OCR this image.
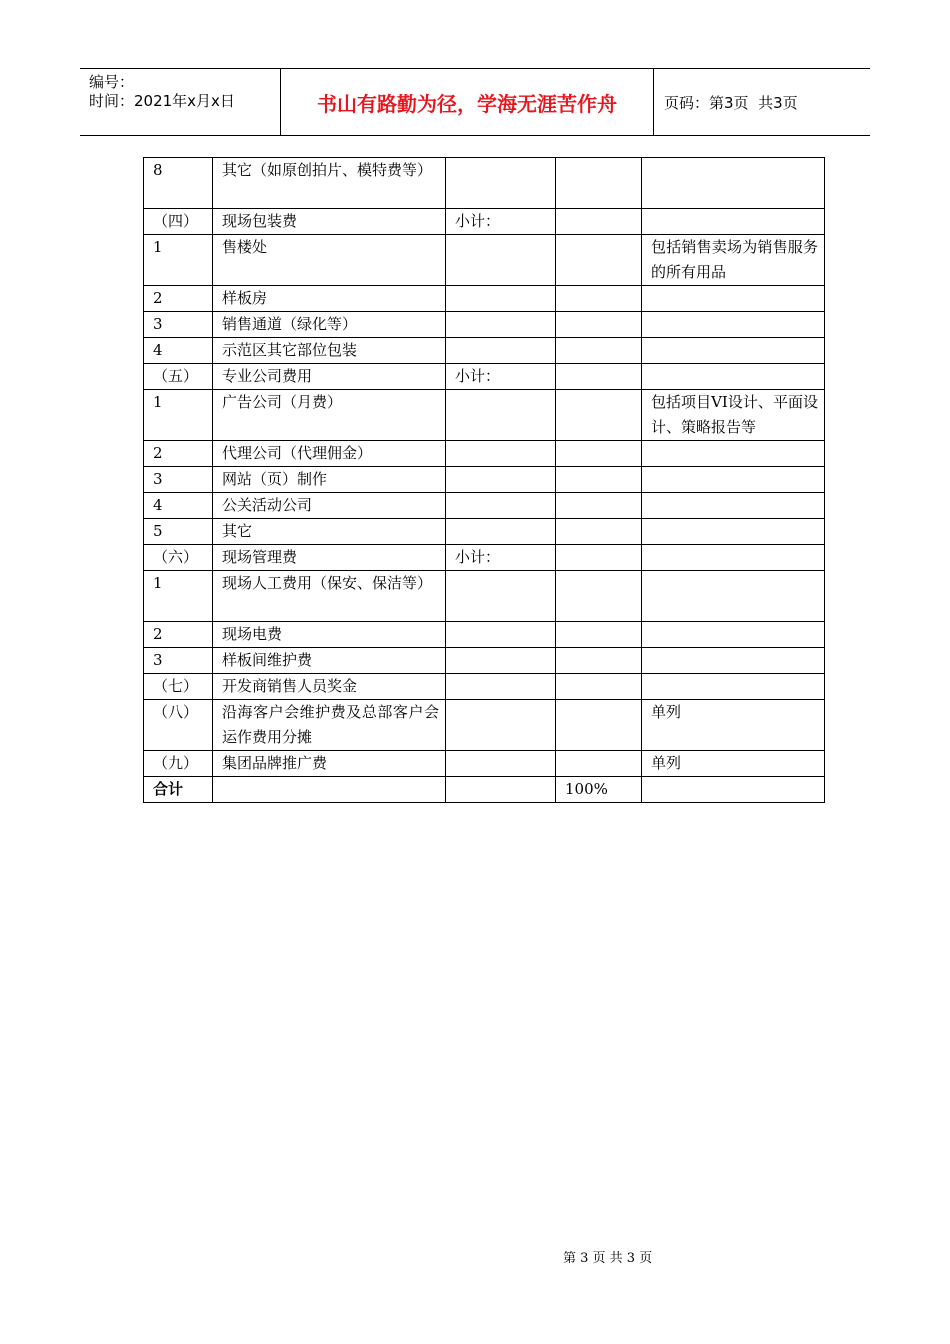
编号：
时间：2021年x月x日	书山有路勤为径，学海无涯苦作舟	页码：第3页  共3页
8	其它（如原创拍片、模特费等）			
（四）	现场包装费	小计：		
1	售楼处			包括销售卖场为销售服务的所有用品
2	样板房			
3	销售通道（绿化等）			
4	示范区其它部位包装			
（五）	专业公司费用	小计：		
1	广告公司（月费）			包括项目VI设计、平面设计、策略报告等
2	代理公司（代理佣金）			
3	网站（页）制作			
4	公关活动公司			
5	其它			
（六）	现场管理费	小计：		
1	现场人工费用（保安、保洁等）			
2	现场电费			
3	样板间维护费			
（七）	开发商销售人员奖金			
（八）	沿海客户会维护费及总部客户会运作费用分摊			单列
（九）	集团品牌推广费			单列
合计			100%	
第 3 页 共 3 页
